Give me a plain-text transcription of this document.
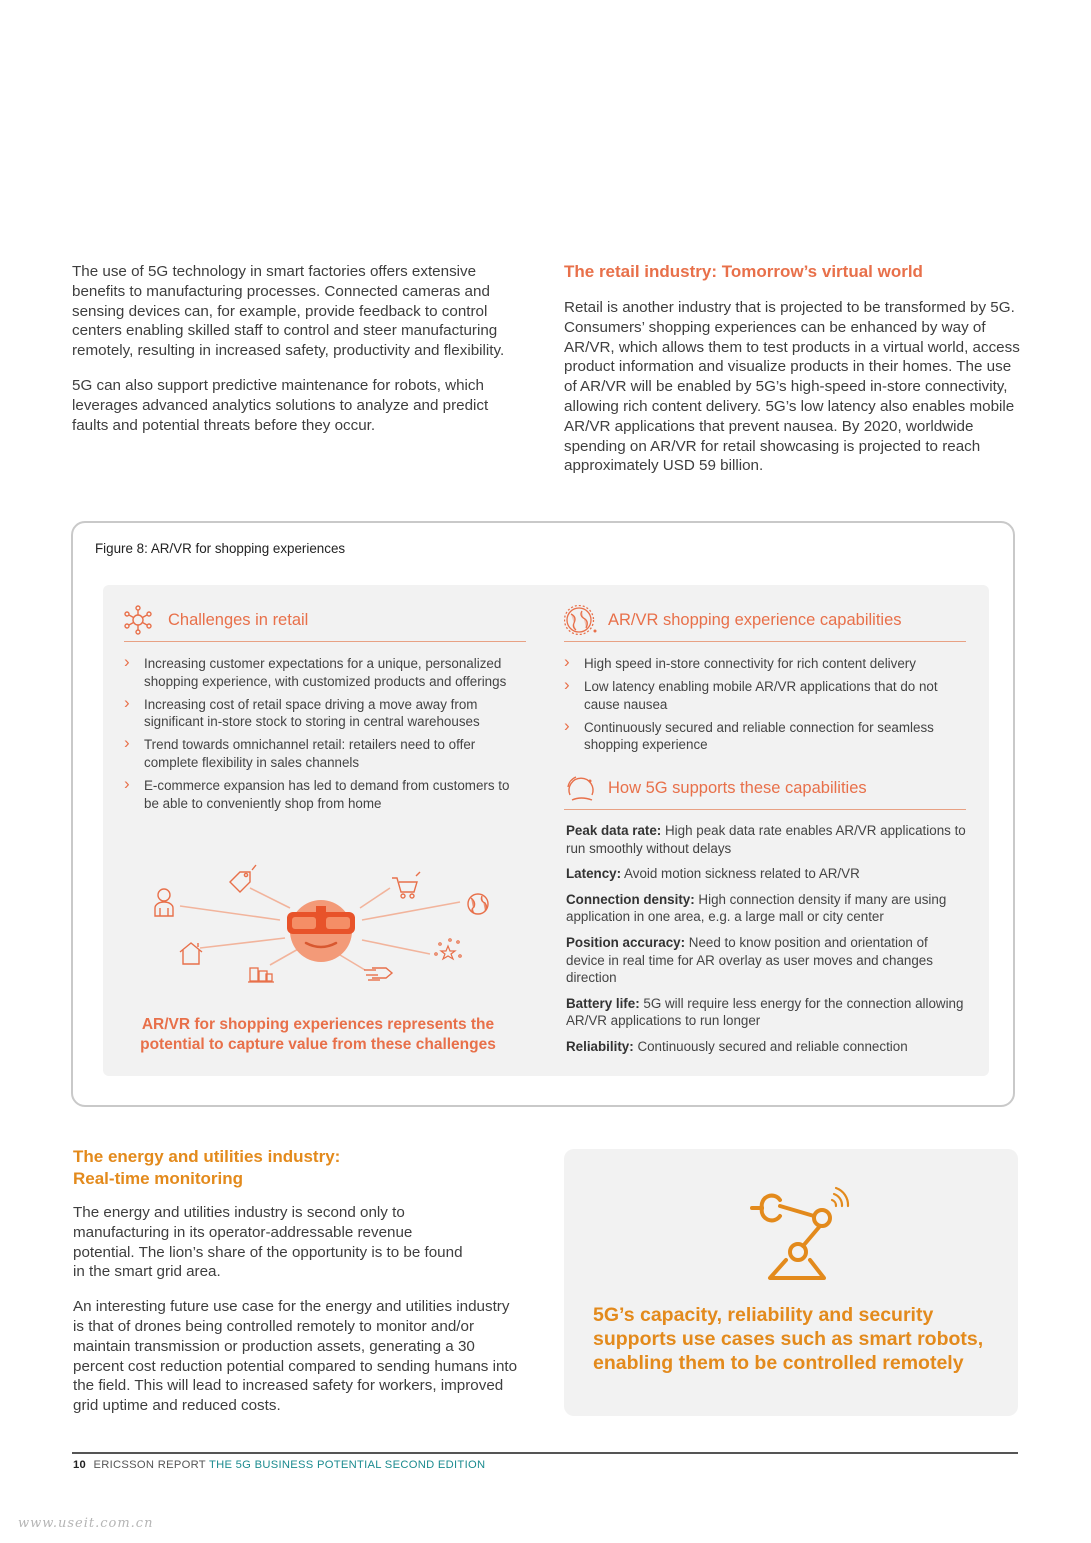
The use of 5G technology in smart factories offers extensive benefits to manufacturing processes. Connected cameras and sensing devices can, for example, provide feedback to control centers enabling skilled staff to control and steer manufacturing remotely, resulting in increased safety, productivity and flexibility.

5G can also support predictive maintenance for robots, which leverages advanced analytics solutions to analyze and predict faults and potential threats before they occur.

The retail industry: Tomorrow’s virtual world

Retail is another industry that is projected to be transformed by 5G. Consumers’ shopping experiences can be enhanced by way of AR/VR, which allows them to test products in a virtual world, access product information and visualize products in their homes. The use of AR/VR will be enabled by 5G’s high-speed in-store connectivity, allowing rich content delivery. 5G’s low latency also enables mobile AR/VR applications that prevent nausea. By 2020, worldwide spending on AR/VR for retail showcasing is projected to reach approximately USD 59 billion.

Figure 8: AR/VR for shopping experiences
Challenges in retail
› Increasing customer expectations for a unique, personalized shopping experience, with customized products and offerings
› Increasing cost of retail space driving a move away from significant in-store stock to storing in central warehouses
› Trend towards omnichannel retail: retailers need to offer complete flexibility in sales channels
› E-commerce expansion has led to demand from customers to be able to conveniently shop from home
AR/VR for shopping experiences represents the potential to capture value from these challenges
AR/VR shopping experience capabilities
› High speed in-store connectivity for rich content delivery
› Low latency enabling mobile AR/VR applications that do not cause nausea
› Continuously secured and reliable connection for seamless shopping experience
How 5G supports these capabilities
Peak data rate: High peak data rate enables AR/VR applications to run smoothly without delays
Latency: Avoid motion sickness related to AR/VR
Connection density: High connection density if many are using application in one area, e.g. a large mall or city center
Position accuracy: Need to know position and orientation of device in real time for AR overlay as user moves and changes direction
Battery life: 5G will require less energy for the connection allowing AR/VR applications to run longer
Reliability: Continuously secured and reliable connection
The energy and utilities industry:
Real-time monitoring

The energy and utilities industry is second only to manufacturing in its operator-addressable revenue potential. The lion’s share of the opportunity is to be found in the smart grid area.

An interesting future use case for the energy and utilities industry is that of drones being controlled remotely to monitor and/or maintain transmission or production assets, generating a 30 percent cost reduction potential compared to sending humans into the field. This will lead to increased safety for workers, improved grid uptime and reduced costs.

5G’s capacity, reliability and security supports use cases such as smart robots, enabling them to be controlled remotely
10 ERICSSON REPORT THE 5G BUSINESS POTENTIAL SECOND EDITION
www.useit.com.cn
